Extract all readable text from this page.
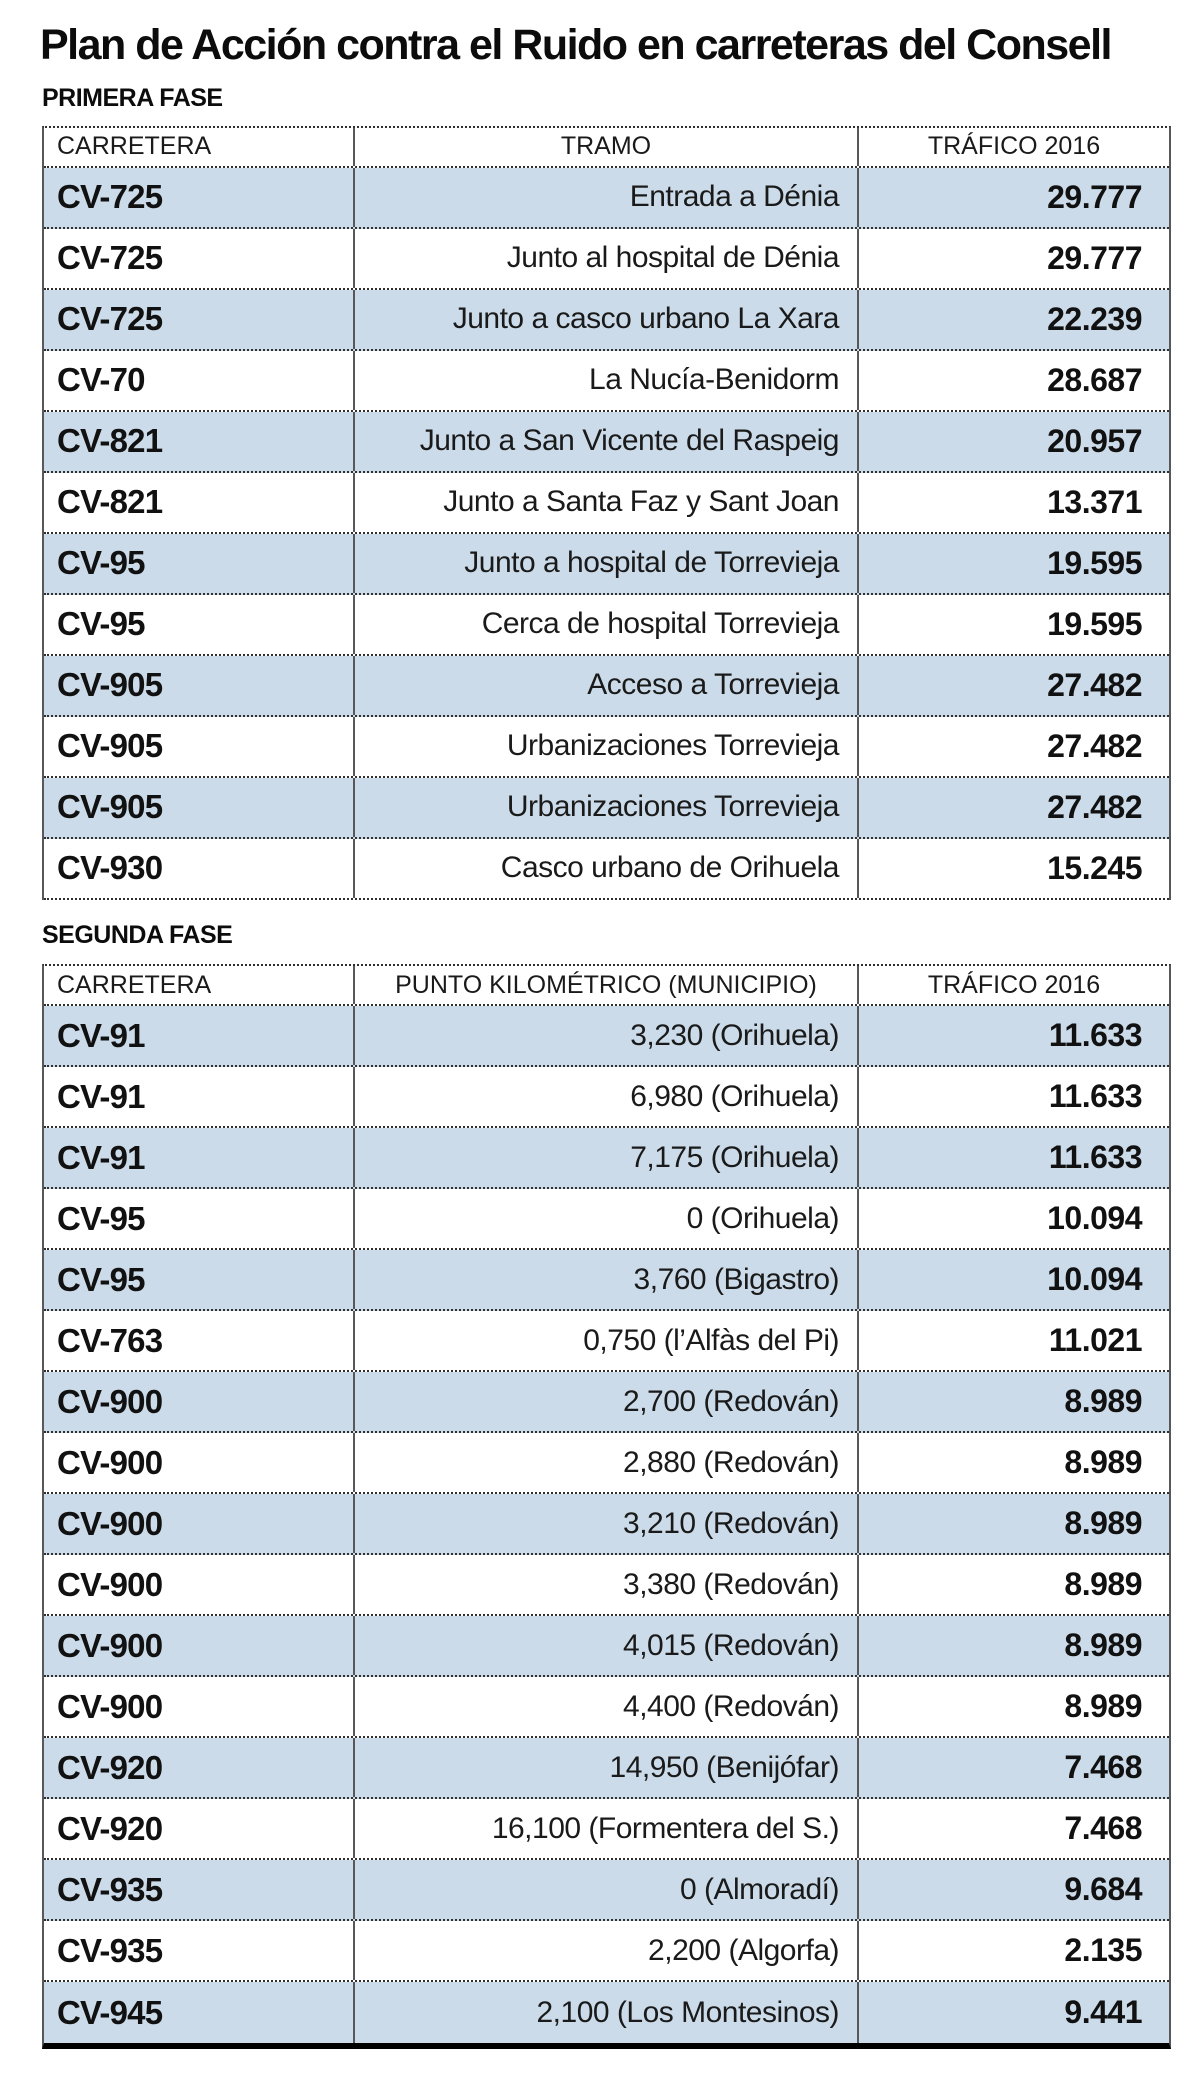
Plan de Acción contra el Ruido en carreteras del Consell
PRIMERA FASE
CARRETERA	TRAMO	TRÁFICO 2016
CV-725	Entrada a Dénia	29.777
CV-725	Junto al hospital de Dénia	29.777
CV-725	Junto a casco urbano La Xara	22.239
CV-70	La Nucía-Benidorm	28.687
CV-821	Junto a San Vicente del Raspeig	20.957
CV-821	Junto a Santa Faz y Sant Joan	13.371
CV-95	Junto a hospital de Torrevieja	19.595
CV-95	Cerca de hospital Torrevieja	19.595
CV-905	Acceso a Torrevieja	27.482
CV-905	Urbanizaciones Torrevieja	27.482
CV-905	Urbanizaciones Torrevieja	27.482
CV-930	Casco urbano de Orihuela	15.245
SEGUNDA FASE
CARRETERA	PUNTO KILOMÉTRICO (MUNICIPIO)	TRÁFICO 2016
CV-91	3,230 (Orihuela)	11.633
CV-91	6,980 (Orihuela)	11.633
CV-91	7,175 (Orihuela)	11.633
CV-95	0 (Orihuela)	10.094
CV-95	3,760 (Bigastro)	10.094
CV-763	0,750 (l’Alfàs del Pi)	11.021
CV-900	2,700 (Redován)	8.989
CV-900	2,880 (Redován)	8.989
CV-900	3,210 (Redován)	8.989
CV-900	3,380 (Redován)	8.989
CV-900	4,015 (Redován)	8.989
CV-900	4,400 (Redován)	8.989
CV-920	14,950 (Benijófar)	7.468
CV-920	16,100 (Formentera del S.)	7.468
CV-935	0 (Almoradí)	9.684
CV-935	2,200 (Algorfa)	2.135
CV-945	2,100 (Los Montesinos)	9.441
